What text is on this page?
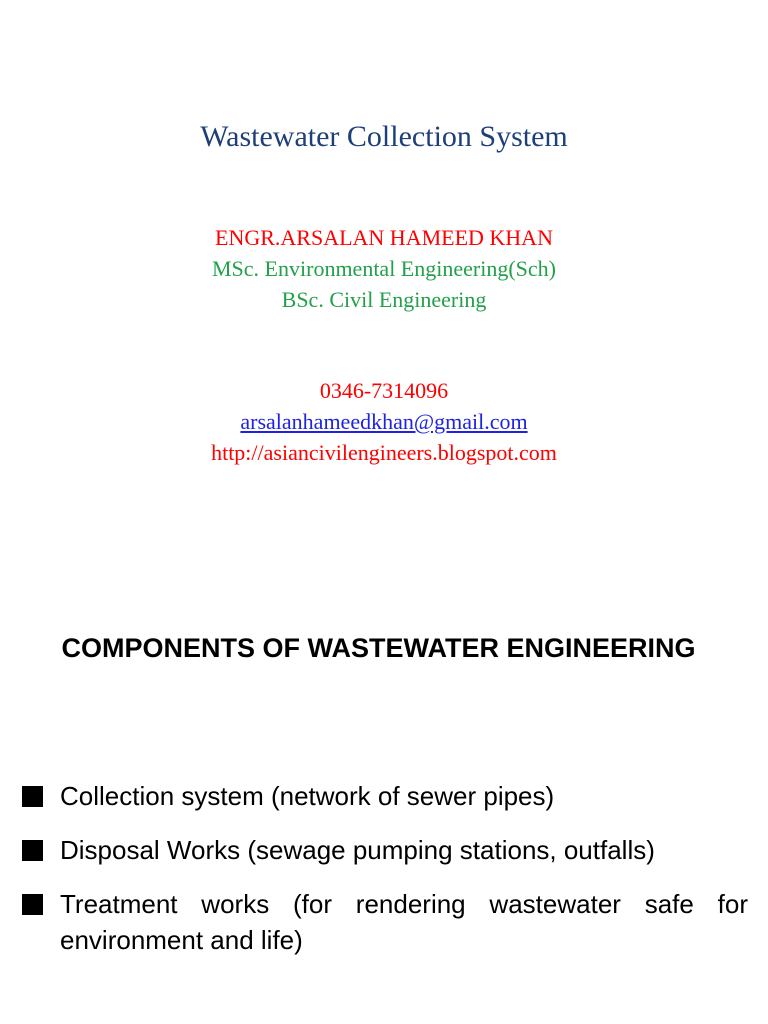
Wastewater Collection System
ENGR.ARSALAN HAMEED KHAN
MSc. Environmental Engineering(Sch)
BSc. Civil Engineering
0346-7314096
arsalanhameedkhan@gmail.com
http://asiancivilengineers.blogspot.com
COMPONENTS OF WASTEWATER ENGINEERING
Collection system (network of sewer pipes)
Disposal Works (sewage pumping stations, outfalls)
Treatment works (for rendering wastewater safe for environment and life)
